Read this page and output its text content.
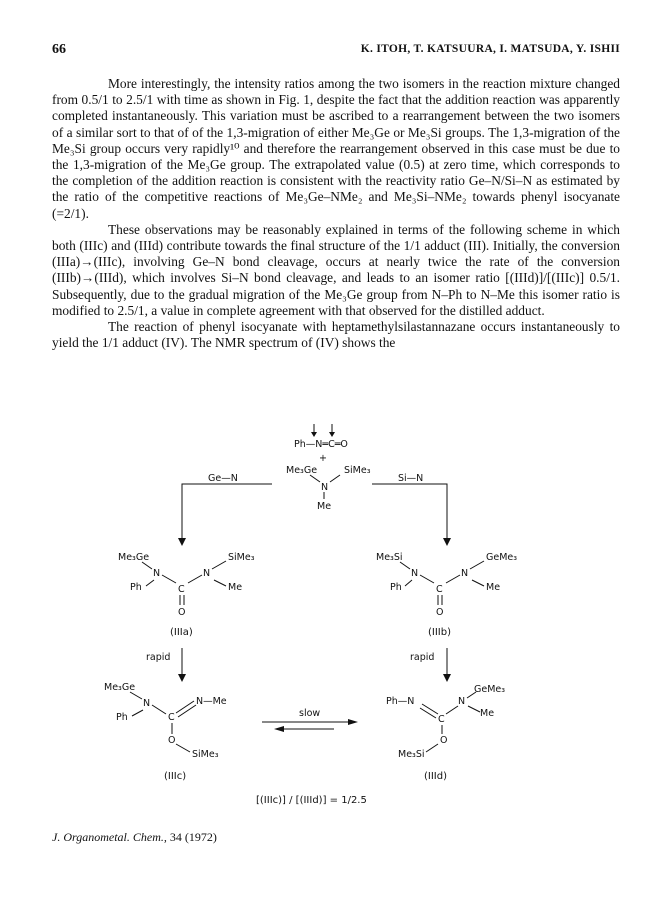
66	K. ITOH, T. KATSUURA, I. MATSUDA, Y. ISHII

More interestingly, the intensity ratios among the two isomers in the reaction mixture changed from 0.5/1 to 2.5/1 with time as shown in Fig. 1, despite the fact that the addition reaction was apparently completed instantaneously. This variation must be ascribed to a rearrangement between the two isomers of a similar sort to that of of the 1,3-migration of either Me₃Ge or Me₃Si groups. The 1,3-migration of the Me₃Si group occurs very rapidly¹⁰ and therefore the rearrangement observed in this case must be due to the 1,3-migration of the Me₃Ge group. The extrapolated value (0.5) at zero time, which corresponds to the completion of the addition reaction is consistent with the reactivity ratio Ge–N/Si–N as estimated by the ratio of the competitive reactions of Me₃Ge–NMe₂ and Me₃Si–NMe₂ towards phenyl isocyanate (=2/1).

These observations may be reasonably explained in terms of the following scheme in which both (IIIc) and (IIId) contribute towards the final structure of the 1/1 adduct (III). Initially, the conversion (IIIa)→(IIIc), involving Ge–N bond cleavage, occurs at nearly twice the rate of the conversion (IIIb)→(IIId), which involves Si–N bond cleavage, and leads to an isomer ratio [(IIId)]/[(IIIc)] 0.5/1. Subsequently, due to the gradual migration of the Me₃Ge group from N–Ph to N–Me this isomer ratio is modified to 2.5/1, a value in complete agreement with that observed for the distilled adduct.

The reaction of phenyl isocyanate with heptamethylsilastannazane occurs instantaneously to yield the 1/1 adduct (IV). The NMR spectrum of (IV) shows the

Ph—N═C═O
+
Me₃Ge	SiMe₃
N
Me
Ge—N	Si—N
Me₃Ge	SiMe₃
N	N
Ph	C	Me
O
(IIIa)
Me₃Si	GeMe₃
N	N
Ph	C	Me
O
(IIIb)
rapid	rapid
Me₃Ge
N	N—Me
Ph	C
O
SiMe₃
(IIIc)
slow
Ph—N
C
N
GeMe₃
Me
O
Me₃Si
(IIId)
[(IIIc)] / [(IIId)] = 1/2.5
J. Organometal. Chem., 34 (1972)
